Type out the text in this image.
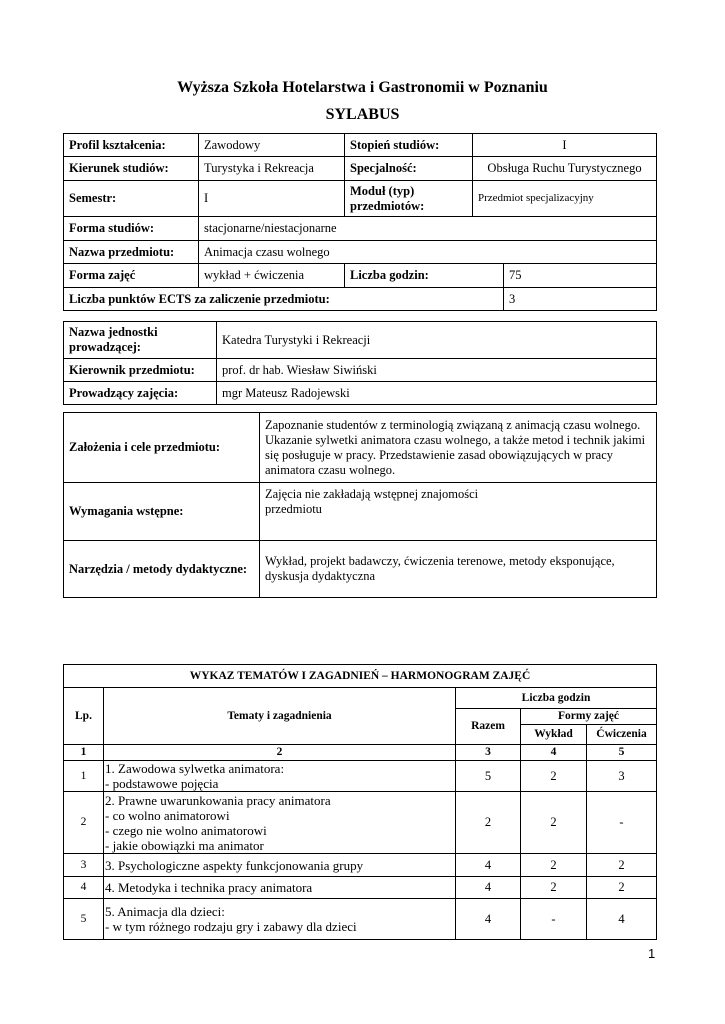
Wyższa Szkoła Hotelarstwa i Gastronomii w Poznaniu
SYLABUS
Profil kształcenia:	Zawodowy	Stopień studiów:	I	
Kierunek studiów:	Turystyka i Rekreacja	Specjalność:	Obsługa Ruchu Turystycznego	
Semestr:	I	Moduł (typ) przedmiotów:	Przedmiot specjalizacyjny	
Forma studiów:	stacjonarne/niestacjonarne			
Nazwa przedmiotu:	Animacja czasu wolnego			
Forma zajęć	wykład + ćwiczenia	Liczba godzin:		75
Liczba punktów ECTS za zaliczenie przedmiotu:				3
Nazwa jednostki prowadzącej:	Katedra Turystyki i Rekreacji
Kierownik przedmiotu:	prof. dr hab. Wiesław Siwiński
Prowadzący zajęcia:	mgr Mateusz Radojewski
Założenia i cele przedmiotu:	Zapoznanie studentów z terminologią związaną z animacją czasu wolnego. Ukazanie sylwetki animatora czasu wolnego, a także metod i technik jakimi się posługuje w pracy. Przedstawienie zasad obowiązujących w pracy animatora czasu wolnego.
Wymagania wstępne:	Zajęcia nie zakładają wstępnej znajomości przedmiotu
Narzędzia / metody dydaktyczne:	Wykład, projekt badawczy, ćwiczenia terenowe, metody eksponujące, dyskusja dydaktyczna
WYKAZ TEMATÓW I ZAGADNIEŃ – HARMONOGRAM ZAJĘĆ				
Lp.	Tematy i zagadnienia	Liczba godzin		
		Razem	Formy zajęć	
			Wykład	Ćwiczenia
1	2	3	4	5
1	1. Zawodowa sylwetka animatora:
- podstawowe pojęcia	5	2	3
2	2. Prawne uwarunkowania pracy animatora
- co wolno animatorowi
- czego nie wolno animatorowi
- jakie obowiązki ma animator	2	2	-
3	3. Psychologiczne aspekty funkcjonowania grupy	4	2	2
4	4. Metodyka i technika pracy animatora	4	2	2
5	5. Animacja dla dzieci:
- w tym różnego rodzaju gry i zabawy dla dzieci	4	-	4
1
